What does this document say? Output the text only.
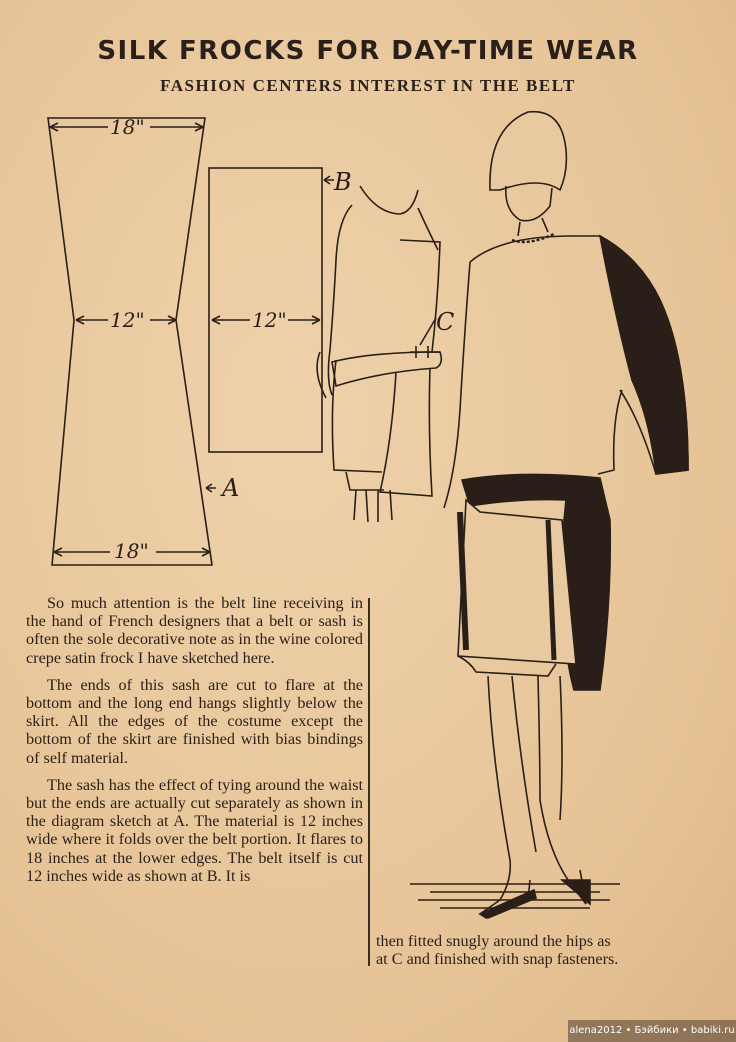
SILK FROCKS FOR DAY-TIME WEAR
FASHION CENTERS INTEREST IN THE BELT
18"
12"	12"
18"
A
B
C

So much attention is the belt line receiving in the hand of French designers that a belt or sash is often the sole decorative note as in the wine colored crepe satin frock I have sketched here.

The ends of this sash are cut to flare at the bottom and the long end hangs slightly below the skirt. All the edges of the costume except the bottom of the skirt are finished with bias bindings of self material.

The sash has the effect of tying around the waist but the ends are actually cut separately as shown in the diagram sketch at A. The material is 12 inches wide where it folds over the belt portion. It flares to 18 inches at the lower edges. The belt itself is cut 12 inches wide as shown at B. It is

then fitted snugly around the hips as
at C and finished with snap fasteners.
alena2012 • Бэйбики • babiki.ru
